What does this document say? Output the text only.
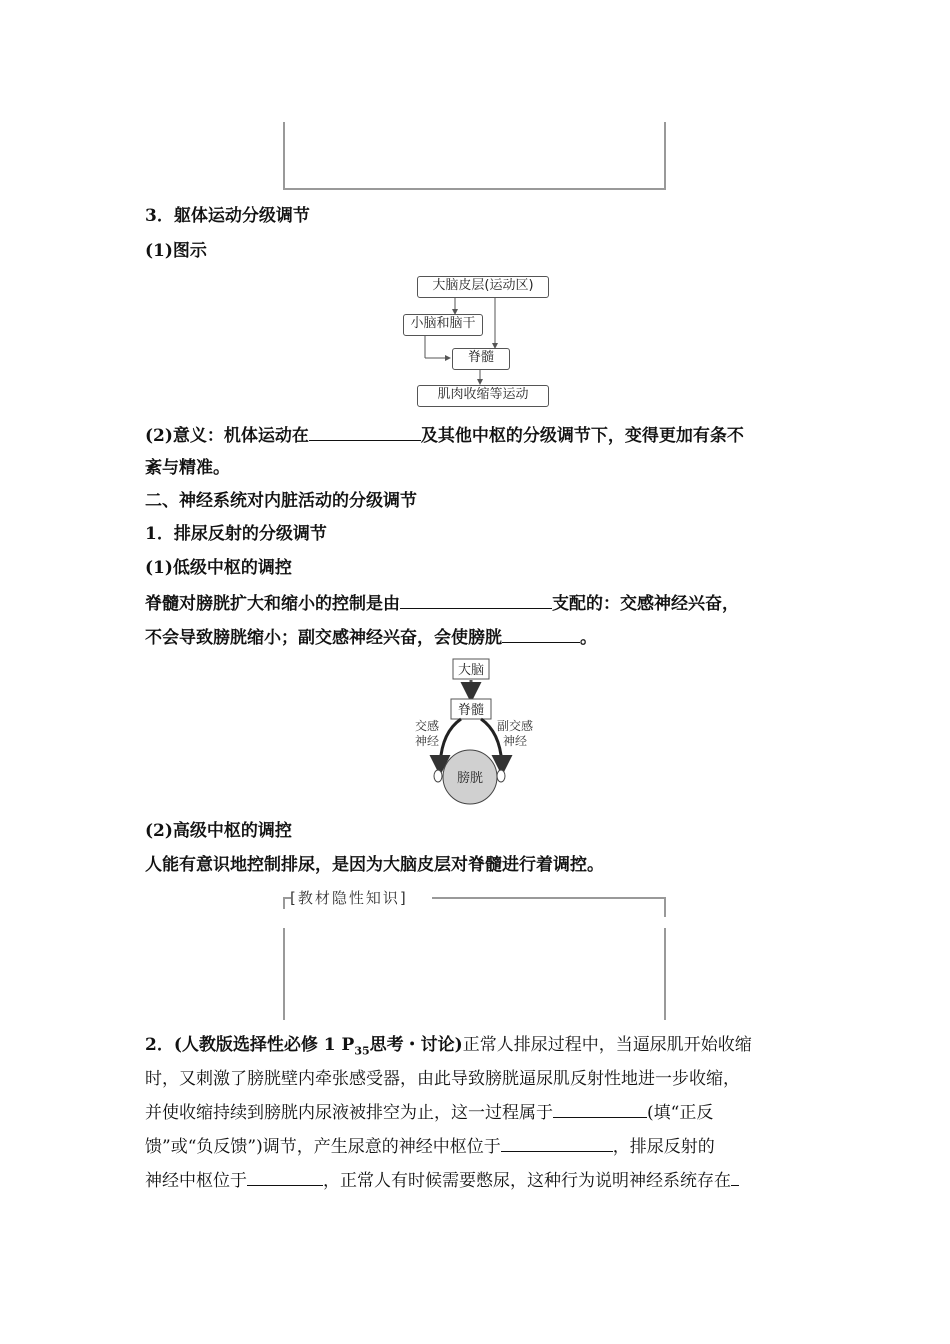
3．躯体运动分级调节
(1)图示
大脑皮层(运动区)
小脑和脑干
脊髓
肌肉收缩等运动
(2)意义：机体运动在	及其他中枢的分级调节下，变得更加有条不
紊与精准。
二、神经系统对内脏活动的分级调节
1．排尿反射的分级调节
(1)低级中枢的调控
脊髓对膀胱扩大和缩小的控制是由	支配的：交感神经兴奋，
不会导致膀胱缩小；副交感神经兴奋，会使膀胱	。
大脑
脊髓
交感
神经
副交感
神经
膀胱
(2)高级中枢的调控
人能有意识地控制排尿，是因为大脑皮层对脊髓进行着调控。
[教材隐性知识]
2．(人教版选择性必修 1 $P_{35}$思考・讨论)正常人排尿过程中，当逼尿肌开始收缩
时，又刺激了膀胱壁内牵张感受器，由此导致膀胱逼尿肌反射性地进一步收缩，
并使收缩持续到膀胱内尿液被排空为止，这一过程属于	(填“正反
馈”或“负反馈”)调节，产生尿意的神经中枢位于	，排尿反射的
神经中枢位于	，正常人有时候需要憋尿，这种行为说明神经系统存在
